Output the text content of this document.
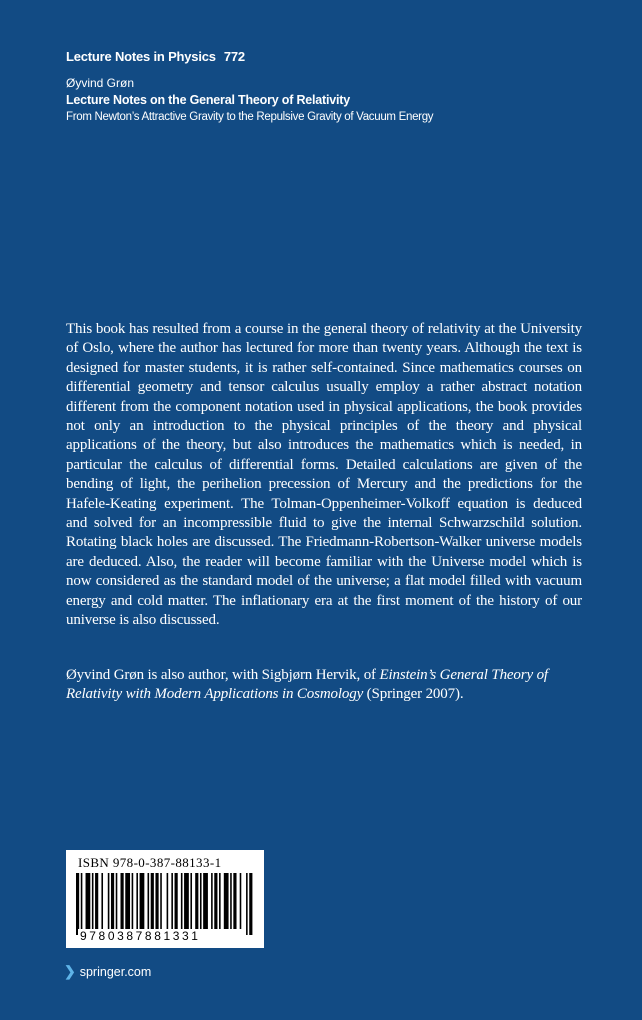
Lecture Notes in Physics 772
Øyvind Grøn
Lecture Notes on the General Theory of Relativity
From Newton’s Attractive Gravity to the Repulsive Gravity of Vacuum Energy

This book has resulted from a course in the general theory of relativity at the University of Oslo, where the author has lectured for more than twenty years. Although the text is designed for master students, it is rather self-contained. Since mathematics courses on differential geometry and tensor calculus usually employ a rather abstract notation different from the component notation used in physical applications, the book provides not only an introduction to the physical principles of the theory and physical applications of the theory, but also introduces the mathematics which is needed, in particular the calculus of differential forms. Detailed calculations are given of the bending of light, the perihelion precession of Mercury and the predictions for the Hafele-Keating experiment. The Tolman-Oppenheimer-Volkoff equation is deduced and solved for an incompressible fluid to give the internal Schwarzschild solution. Rotating black holes are discussed. The Friedmann-Robertson-Walker universe models are deduced. Also, the reader will become familiar with the Universe model which is now considered as the standard model of the universe; a flat model filled with vacuum energy and cold matter. The inflationary era at the first moment of the history of our universe is also discussed.

Øyvind Grøn is also author, with Sigbjørn Hervik, of Einstein’s General Theory of Relativity with Modern Applications in Cosmology (Springer 2007).

ISBN 978-0-387-88133-1
9780387881331
❯ springer.com
